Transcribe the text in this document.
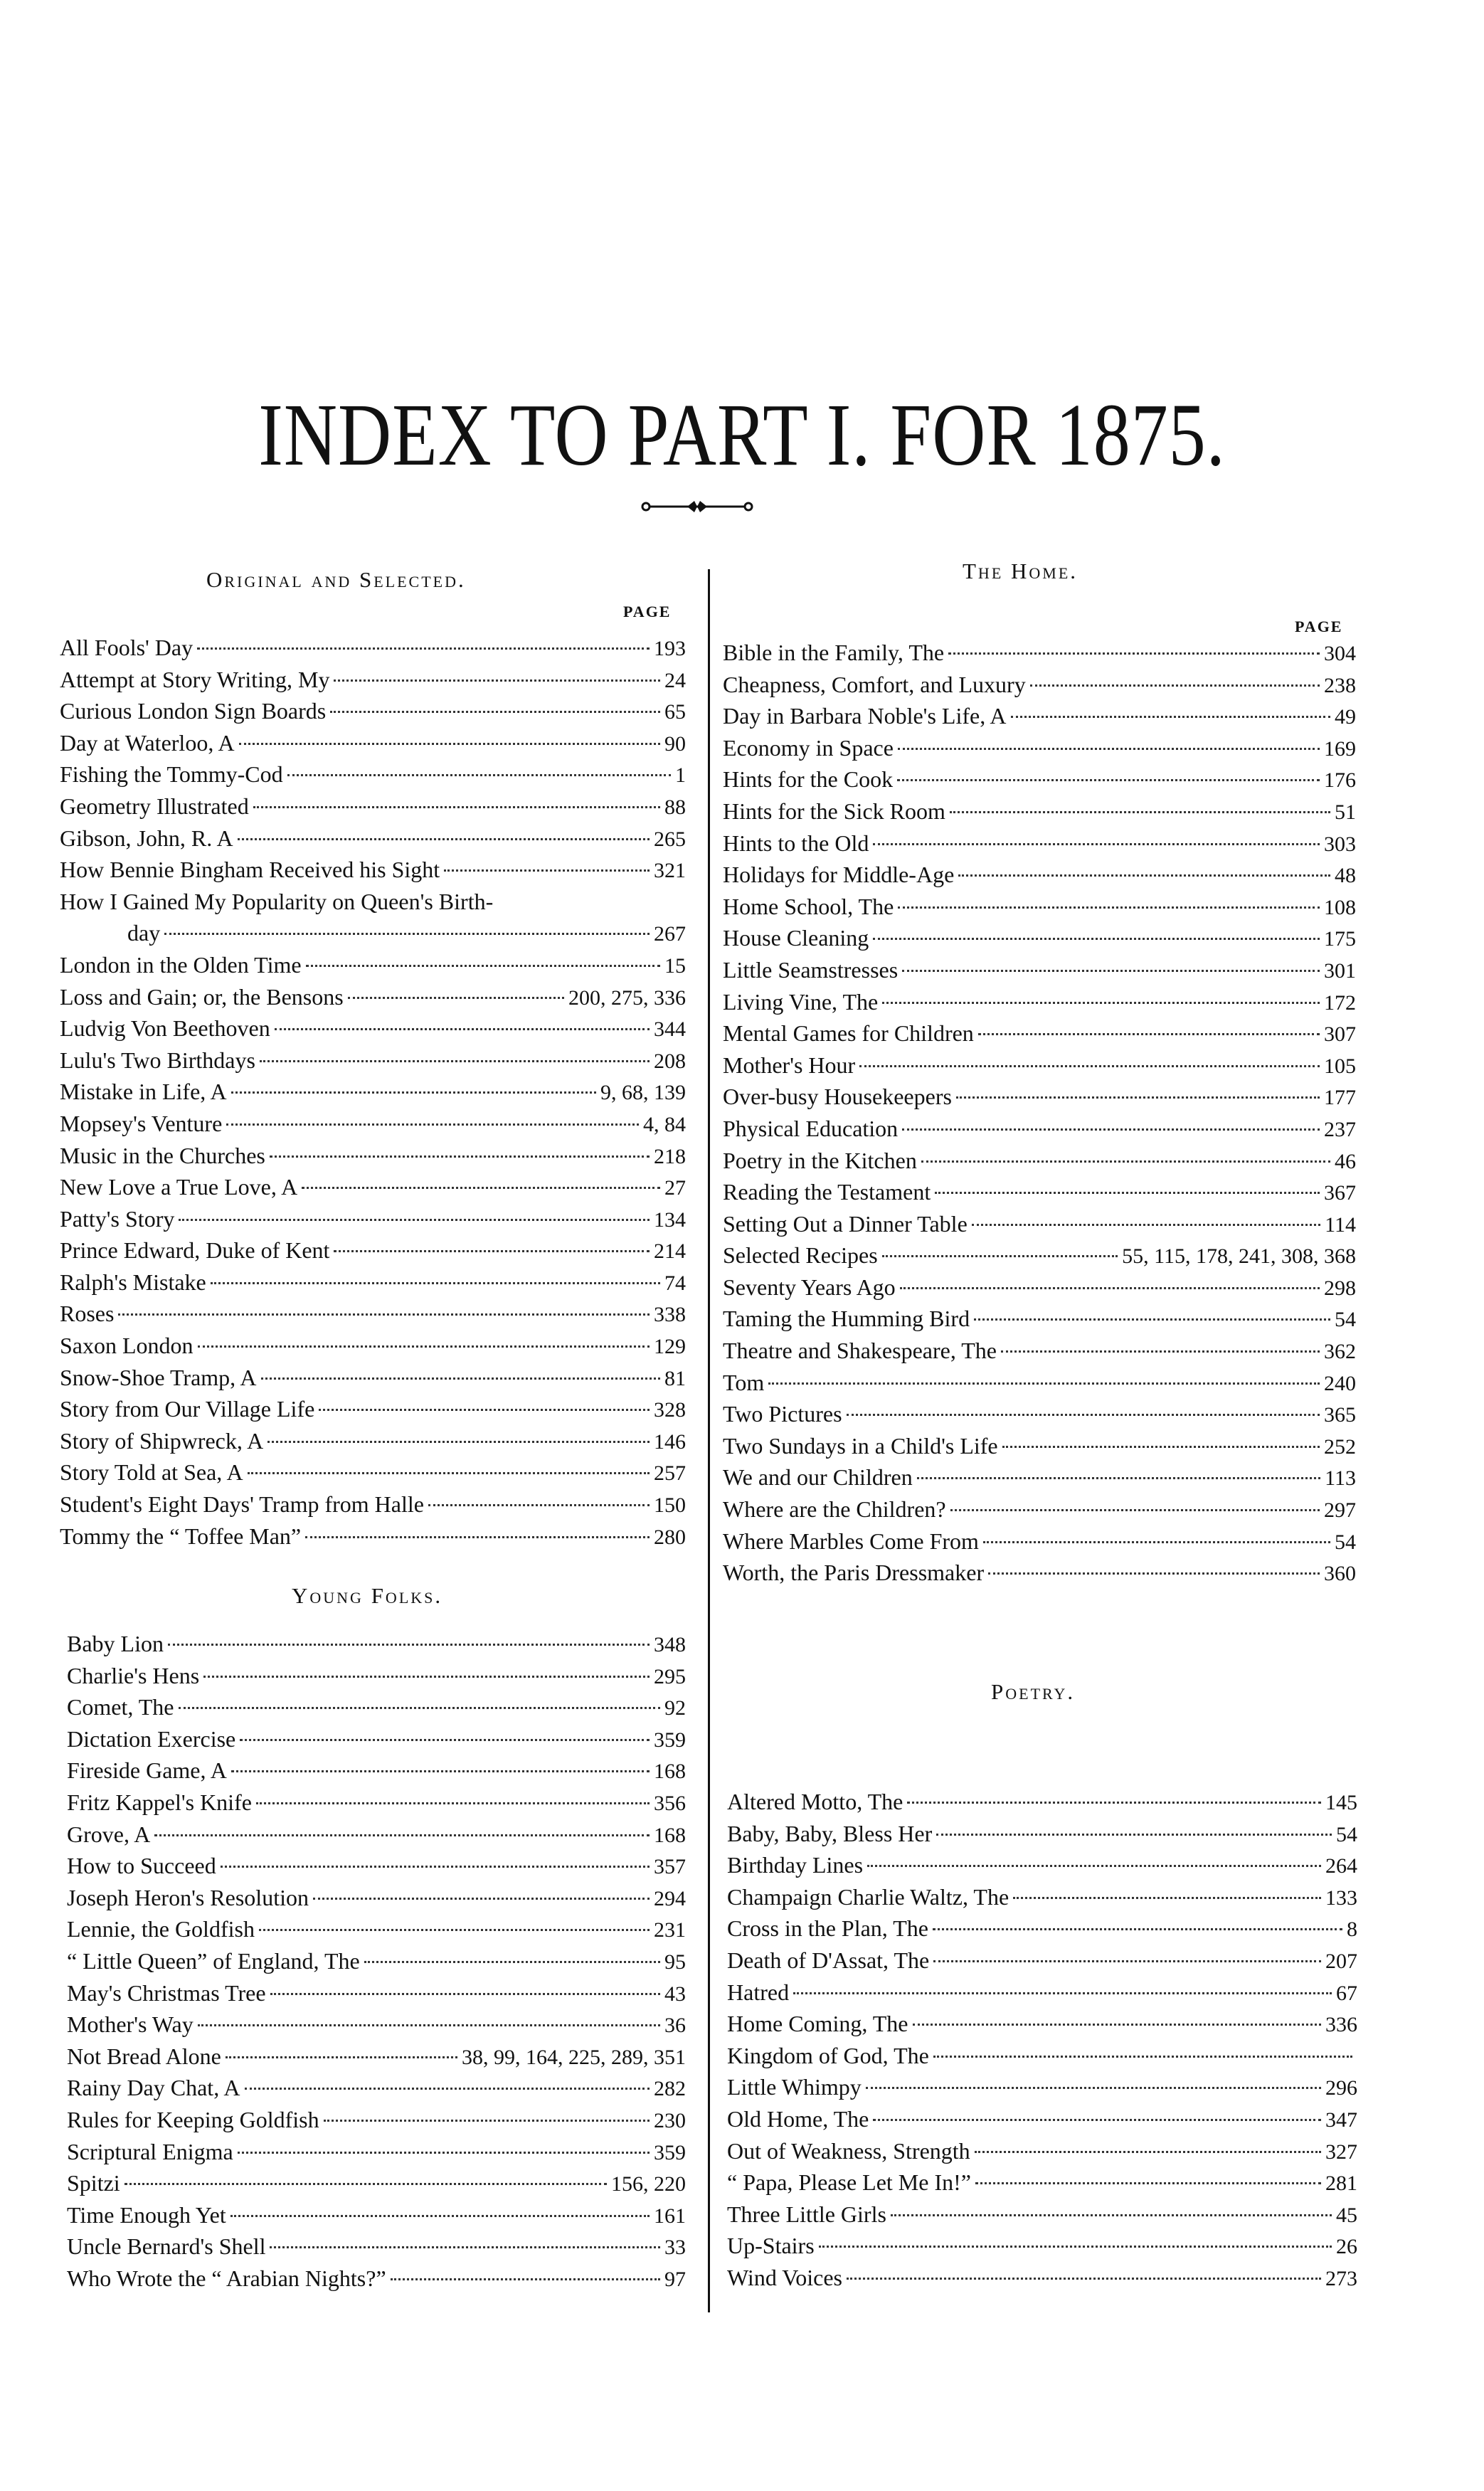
INDEX TO PART I. FOR 1875.
Original and Selected.
PAGE
All Fools' Day	193
Attempt at Story Writing, My	24
Curious London Sign Boards	65
Day at Waterloo, A	90
Fishing the Tommy-Cod	1
Geometry Illustrated	88
Gibson, John, R. A	265
How Bennie Bingham Received his Sight	321
How I Gained My Popularity on Queen's Birth-
day	267
London in the Olden Time	15
Loss and Gain; or, the Bensons	200, 275, 336
Ludvig Von Beethoven	344
Lulu's Two Birthdays	208
Mistake in Life, A	9, 68, 139
Mopsey's Venture	4, 84
Music in the Churches	218
New Love a True Love, A	27
Patty's Story	134
Prince Edward, Duke of Kent	214
Ralph's Mistake	74
Roses	338
Saxon London	129
Snow-Shoe Tramp, A	81
Story from Our Village Life	328
Story of Shipwreck, A	146
Story Told at Sea, A	257
Student's Eight Days' Tramp from Halle	150
Tommy the “ Toffee Man”	280
Young Folks.
Baby Lion	348
Charlie's Hens	295
Comet, The	92
Dictation Exercise	359
Fireside Game, A	168
Fritz Kappel's Knife	356
Grove, A	168
How to Succeed	357
Joseph Heron's Resolution	294
Lennie, the Goldfish	231
“ Little Queen” of England, The	95
May's Christmas Tree	43
Mother's Way	36
Not Bread Alone	38, 99, 164, 225, 289, 351
Rainy Day Chat, A	282
Rules for Keeping Goldfish	230
Scriptural Enigma	359
Spitzi	156, 220
Time Enough Yet	161
Uncle Bernard's Shell	33
Who Wrote the “ Arabian Nights?”	97
The Home.
PAGE
Bible in the Family, The	304
Cheapness, Comfort, and Luxury	238
Day in Barbara Noble's Life, A	49
Economy in Space	169
Hints for the Cook	176
Hints for the Sick Room	51
Hints to the Old	303
Holidays for Middle-Age	48
Home School, The	108
House Cleaning	175
Little Seamstresses	301
Living Vine, The	172
Mental Games for Children	307
Mother's Hour	105
Over-busy Housekeepers	177
Physical Education	237
Poetry in the Kitchen	46
Reading the Testament	367
Setting Out a Dinner Table	114
Selected Recipes	55, 115, 178, 241, 308, 368
Seventy Years Ago	298
Taming the Humming Bird	54
Theatre and Shakespeare, The	362
Tom	240
Two Pictures	365
Two Sundays in a Child's Life	252
We and our Children	113
Where are the Children?	297
Where Marbles Come From	54
Worth, the Paris Dressmaker	360
Poetry.
Altered Motto, The	145
Baby, Baby, Bless Her	54
Birthday Lines	264
Champaign Charlie Waltz, The	133
Cross in the Plan, The	8
Death of D'Assat, The	207
Hatred	67
Home Coming, The	336
Kingdom of God, The
Little Whimpy	296
Old Home, The	347
Out of Weakness, Strength	327
“ Papa, Please Let Me In!”	281
Three Little Girls	45
Up-Stairs	26
Wind Voices	273
